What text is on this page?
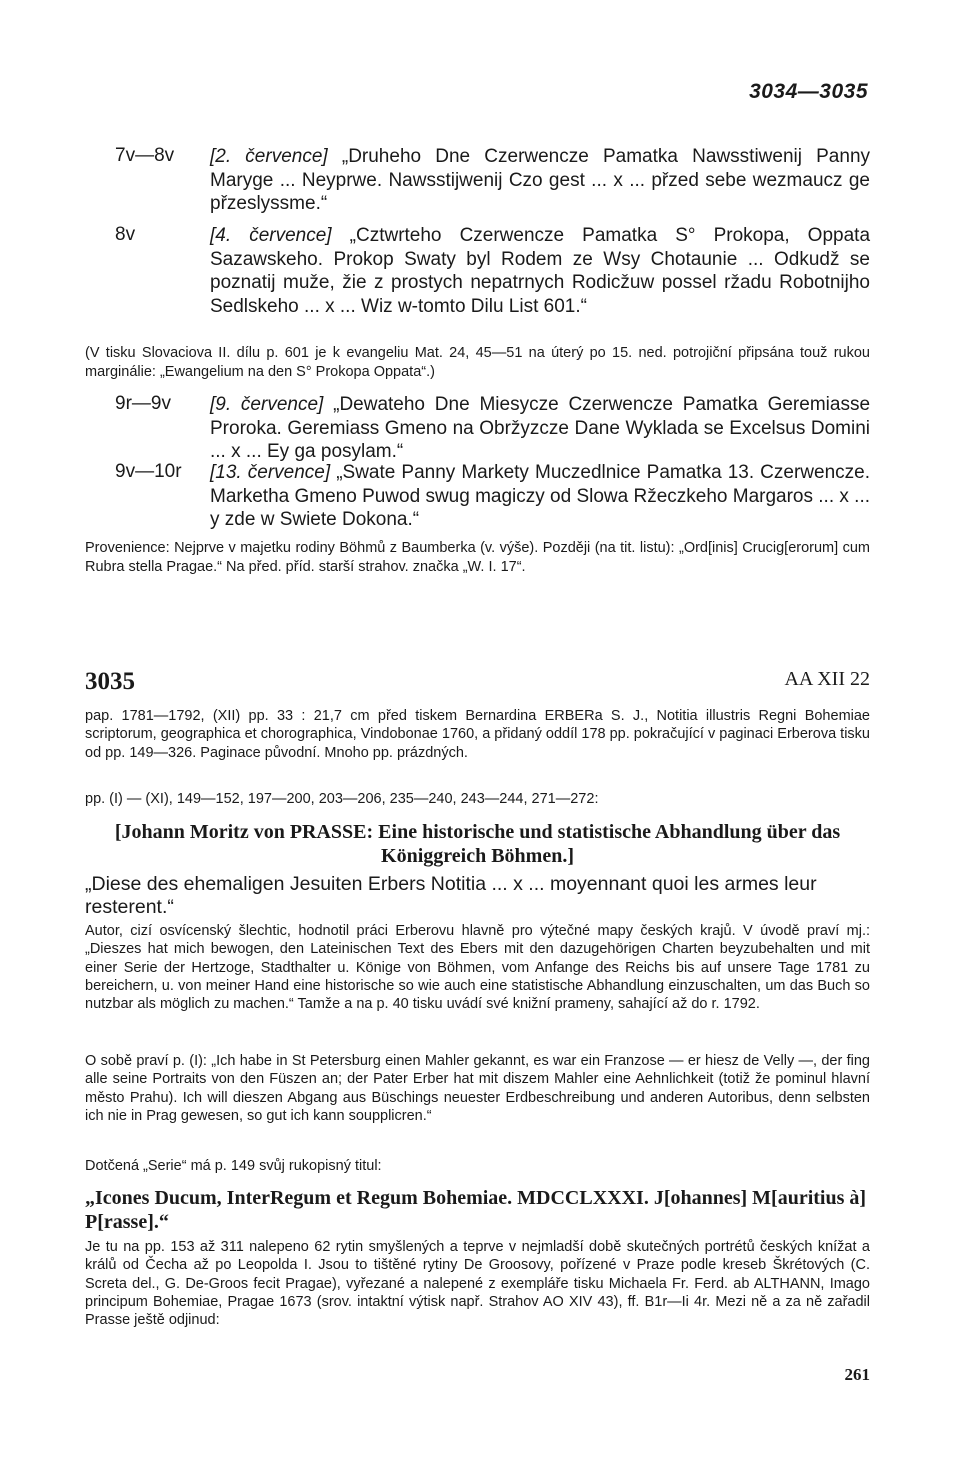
3034—3035
7v—8v [2. července] „Druheho Dne Czerwencze Pamatka Nawsstiwenij Panny Maryge ... Neyprwe. Nawsstijwenij Czo gest ... x ... přzed sebe wezmaucz ge přzeslyssme.“
8v	[4. července] „Cztwrteho Czerwencze Pamatka S° Prokopa, Oppata Sazawskeho. Prokop Swaty byl Rodem ze Wsy Chotaunie ... Odkudž se poznatij muže, žie z prostych nepatrnych Rodicžuw possel ržadu Robotnijho Sedlskeho ... x ... Wiz w-tomto Dilu List 601.“
(V tisku Slovaciova II. dílu p. 601 je k evangeliu Mat. 24, 45—51 na úterý po 15. ned. potrojiční připsána touž rukou marginálie: „Ewangelium na den S° Prokopa Oppata“.)
9r—9v [9. července] „Dewateho Dne Miesycze Czerwencze Pamatka Geremiasse Proroka. Geremiass Gmeno na Obržyzcze Dane Wyklada se Excelsus Domini ... x ... Ey ga posylam.“
9v—10r [13. července] „Swate Panny Markety Muczedlnice Pamatka 13. Czerwencze. Marketha Gmeno Puwod swug magiczy od Slowa Ržeczkeho Margaros ... x ... y zde w Swiete Dokona.“
Provenience: Nejprve v majetku rodiny Böhmů z Baumberka (v. výše). Později (na tit. listu): „Ord[inis] Crucig[erorum] cum Rubra stella Pragae.“ Na před. příd. starší strahov. značka „W. I. 17“.
3035	AA XII 22
pap. 1781—1792, (XII) pp. 33 : 21,7 cm před tiskem Bernardina ERBERa S. J., Notitia illustris Regni Bohemiae scriptorum, geographica et chorographica, Vindobonae 1760, a přidaný oddíl 178 pp. pokračující v paginaci Erberova tisku od pp. 149—326. Paginace původní. Mnoho pp. prázdných.
pp. (I) — (XI), 149—152, 197—200, 203—206, 235—240, 243—244, 271—272:
[Johann Moritz von PRASSE: Eine historische und statistische Abhandlung über das Königgreich Böhmen.]
„Diese des ehemaligen Jesuiten Erbers Notitia ... x ... moyennant quoi les armes leur resterent.“
Autor, cizí osvícenský šlechtic, hodnotil práci Erberovu hlavně pro výtečné mapy českých krajů. V úvodě praví mj.: „Dieszes hat mich bewogen, den Lateinischen Text des Ebers mit den dazugehörigen Charten beyzubehalten und mit einer Serie der Hertzoge, Stadthalter u. Könige von Böhmen, vom Anfange des Reichs bis auf unsere Tage 1781 zu bereichern, u. von meiner Hand eine historische so wie auch eine statistische Abhandlung einzuschalten, um das Buch so nutzbar als möglich zu machen.“ Tamže a na p. 40 tisku uvádí své knižní prameny, sahající až do r. 1792.
O sobě praví p. (I): „Ich habe in St Petersburg einen Mahler gekannt, es war ein Franzose — er hiesz de Velly —, der fing alle seine Portraits von den Füszen an; der Pater Erber hat mit diszem Mahler eine Aehnlichkeit (totiž že pominul hlavní město Prahu). Ich will dieszen Abgang aus Büschings neuester Erdbeschreibung und anderen Autoribus, denn selbsten ich nie in Prag gewesen, so gut ich kann soupplicren.“
Dotčená „Serie“ má p. 149 svůj rukopisný titul:
„Icones Ducum, InterRegum et Regum Bohemiae. MDCCLXXXI. J[ohannes] M[auritius à] P[rasse].“
Je tu na pp. 153 až 311 nalepeno 62 rytin smyšlených a teprve v nejmladší době skutečných portrétů českých knížat a králů od Čecha až po Leopolda I. Jsou to tištěné rytiny De Groosovy, pořízené v Praze podle kreseb Škrétových (C. Screta del., G. De-Groos fecit Pragae), vyřezané a nalepené z exempláře tisku Michaela Fr. Ferd. ab ALTHANN, Imago principum Bohemiae, Pragae 1673 (srov. intaktní výtisk např. Strahov AO XIV 43), ff. B1r—Ii 4r. Mezi ně a za ně zařadil Prasse ještě odjinud:
261
